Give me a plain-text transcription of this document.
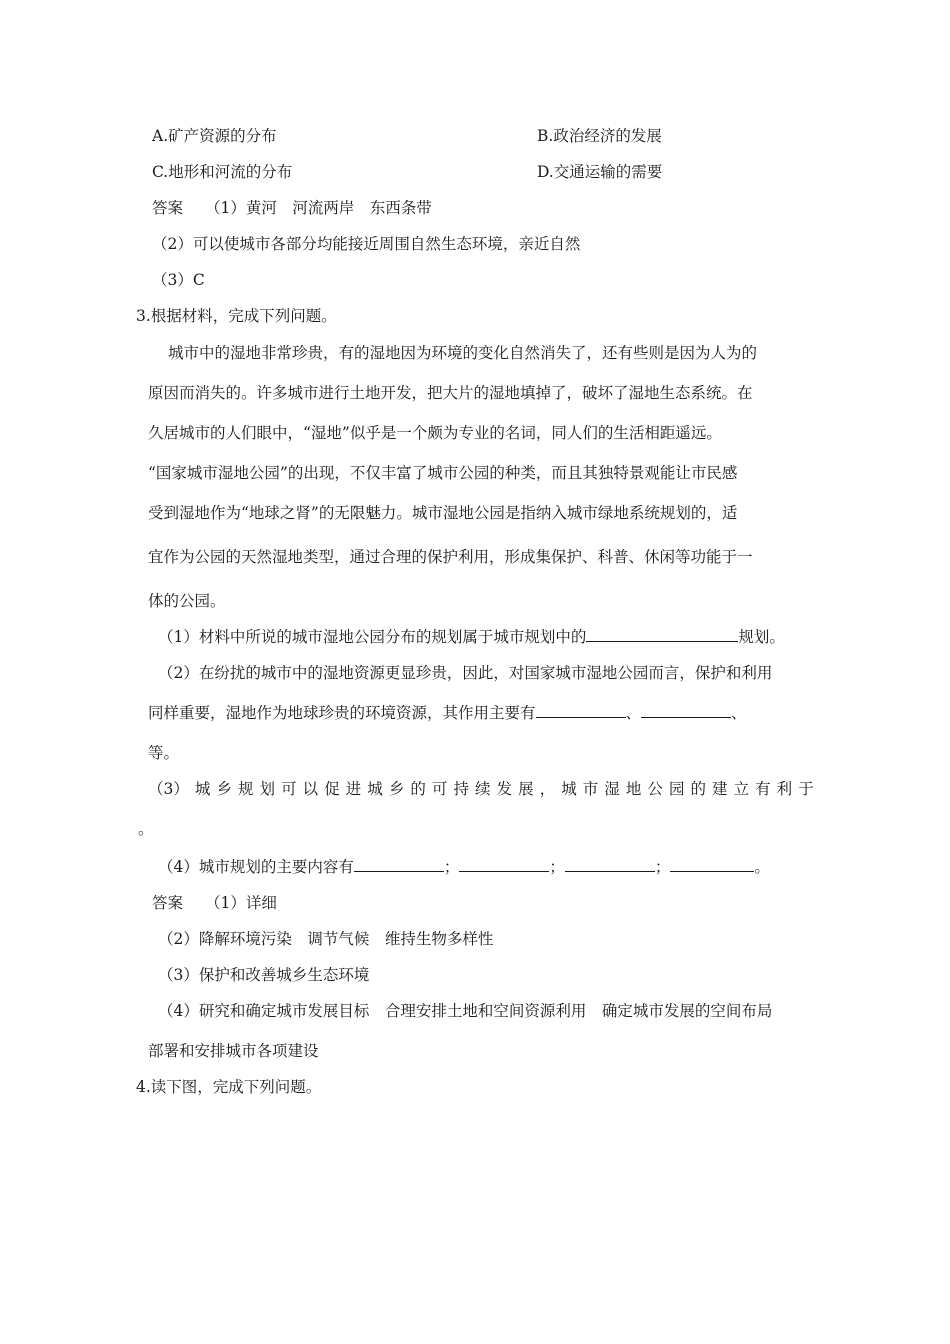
A.矿产资源的分布	B.政治经济的发展
C.地形和河流的分布	D.交通运输的需要
答案 （1）黄河　河流两岸　东西条带
（2）可以使城市各部分均能接近周围自然生态环境，亲近自然
（3）C
3.根据材料，完成下列问题。
城市中的湿地非常珍贵，有的湿地因为环境的变化自然消失了，还有些则是因为人为的
原因而消失的。许多城市进行土地开发，把大片的湿地填掉了，破坏了湿地生态系统。在
久居城市的人们眼中，“湿地”似乎是一个颇为专业的名词，同人们的生活相距遥远。
“国家城市湿地公园”的出现，不仅丰富了城市公园的种类，而且其独特景观能让市民感
受到湿地作为“地球之肾”的无限魅力。城市湿地公园是指纳入城市绿地系统规划的，适
宜作为公园的天然湿地类型，通过合理的保护利用，形成集保护、科普、休闲等功能于一
体的公园。
（1）材料中所说的城市湿地公园分布的规划属于城市规划中的	规划。
（2）在纷扰的城市中的湿地资源更显珍贵，因此，对国家城市湿地公园而言，保护和利用
同样重要，湿地作为地球珍贵的环境资源，其作用主要有	、	、
等。
（3） 城 乡 规 划 可 以 促 进 城 乡 的 可 持 续 发 展 ， 城 市 湿 地 公 园 的 建 立 有 利 于
。
（4）城市规划的主要内容有	；	；	；	。
答案 （1）详细
（2）降解环境污染　调节气候　维持生物多样性
（3）保护和改善城乡生态环境
（4）研究和确定城市发展目标　合理安排土地和空间资源利用　确定城市发展的空间布局
部署和安排城市各项建设
4.读下图，完成下列问题。
